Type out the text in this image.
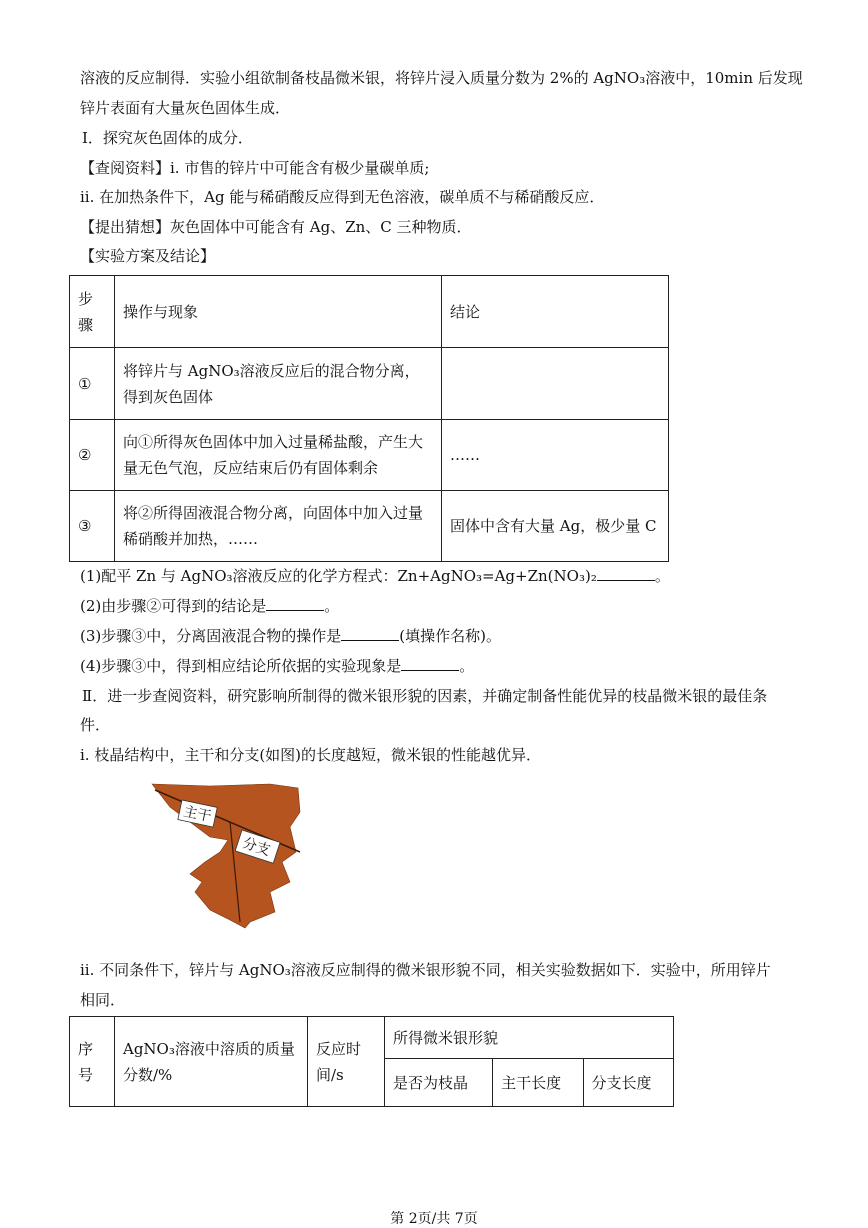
溶液的反应制得．实验小组欲制备枝晶微米银，将锌片浸入质量分数为 2%的 AgNO₃溶液中，10min 后发现
锌片表面有大量灰色固体生成．
Ⅰ．探究灰色固体的成分．
【查阅资料】i. 市售的锌片中可能含有极少量碳单质;
ii. 在加热条件下，Ag 能与稀硝酸反应得到无色溶液，碳单质不与稀硝酸反应．
【提出猜想】灰色固体中可能含有 Ag、Zn、C 三种物质．
【实验方案及结论】
步骤	操作与现象	结论
①	将锌片与 AgNO₃溶液反应后的混合物分离，得到灰色固体	
②	向①所得灰色固体中加入过量稀盐酸，产生大量无色气泡，反应结束后仍有固体剩余	……
③	将②所得固液混合物分离，向固体中加入过量稀硝酸并加热，……	固体中含有大量 Ag，极少量 C
(1)配平 Zn 与 AgNO₃溶液反应的化学方程式：Zn+AgNO₃=Ag+Zn(NO₃)₂	。
(2)由步骤②可得到的结论是	。
(3)步骤③中，分离固液混合物的操作是	(填操作名称)。
(4)步骤③中，得到相应结论所依据的实验现象是	。
Ⅱ．进一步查阅资料，研究影响所制得的微米银形貌的因素，并确定制备性能优异的枝晶微米银的最佳条
件．
i. 枝晶结构中，主干和分支(如图)的长度越短，微米银的性能越优异．
主干
分支
ii. 不同条件下，锌片与 AgNO₃溶液反应制得的微米银形貌不同，相关实验数据如下．实验中，所用锌片
相同．
序号	AgNO₃溶液中溶质的质量分数/%	反应时间/s	所得微米银形貌		
			是否为枝晶	主干长度	分支长度
第 2页/共 7页
